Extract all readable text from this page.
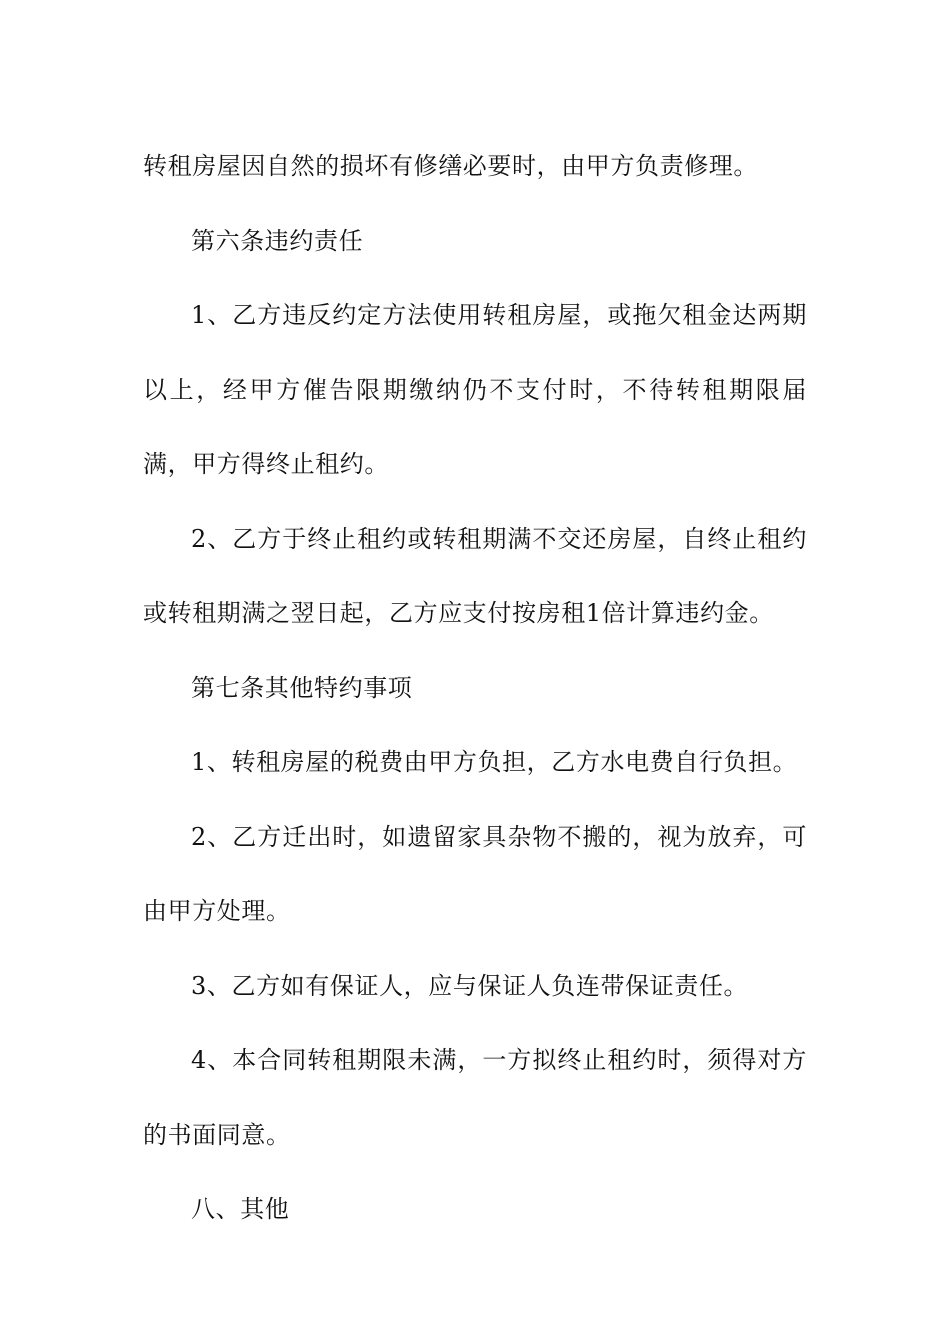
转租房屋因自然的损坏有修缮必要时，由甲方负责修理。

第六条违约责任

1、乙方违反约定方法使用转租房屋，或拖欠租金达两期以上，经甲方催告限期缴纳仍不支付时，不待转租期限届满，甲方得终止租约。

2、乙方于终止租约或转租期满不交还房屋，自终止租约或转租期满之翌日起，乙方应支付按房租1倍计算违约金。

第七条其他特约事项

1、转租房屋的税费由甲方负担，乙方水电费自行负担。

2、乙方迁出时，如遗留家具杂物不搬的，视为放弃，可由甲方处理。

3、乙方如有保证人，应与保证人负连带保证责任。

4、本合同转租期限未满，一方拟终止租约时，须得对方的书面同意。

八、其他
